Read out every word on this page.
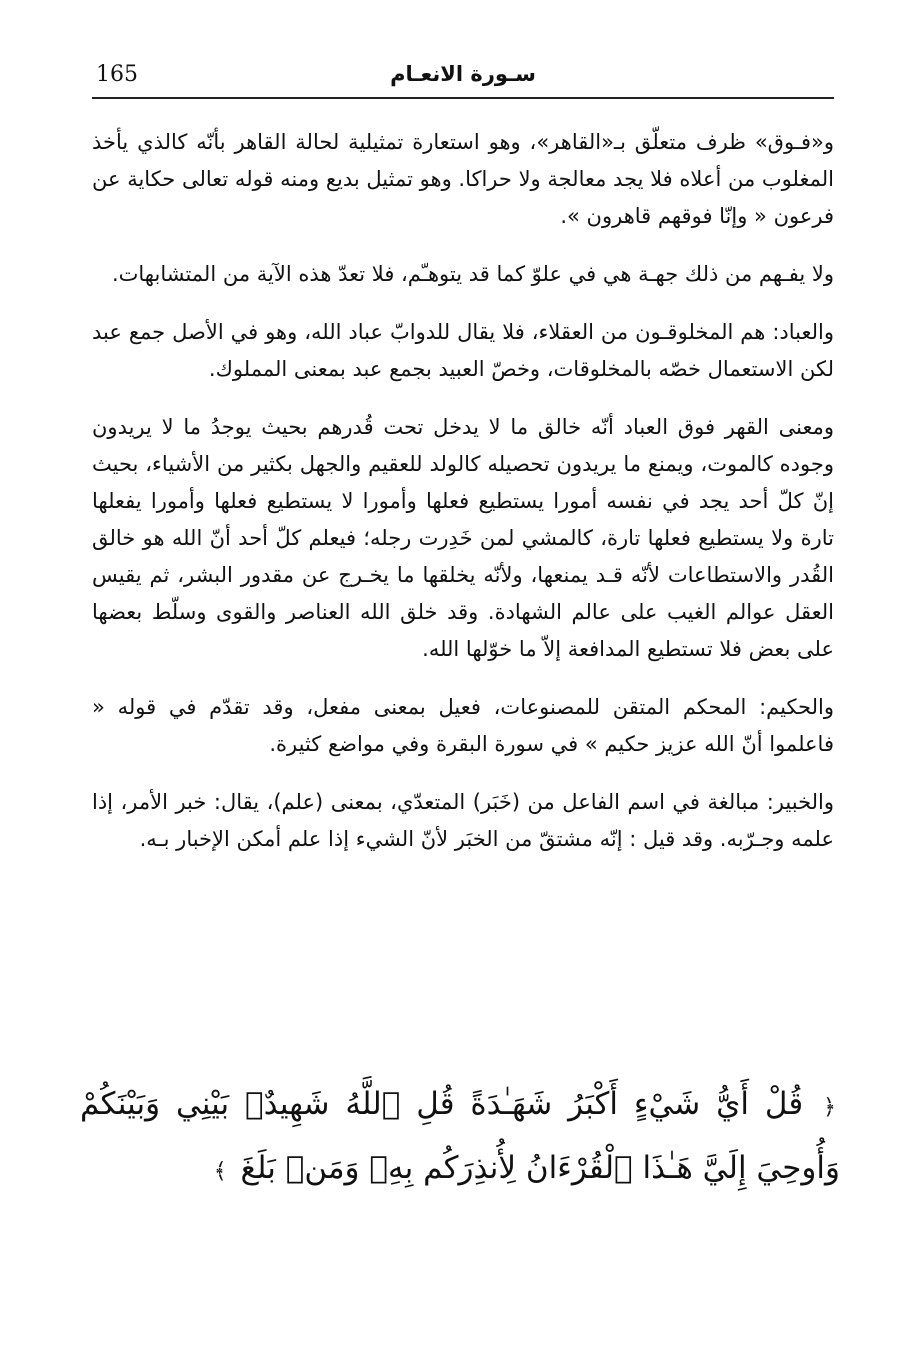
165	سـورة الانعـام

و«فـوق» ظرف متعلّق بـ«القاهر»، وهو استعارة تمثيلية لحالة القاهر بأنّه كالذي يأخذ المغلوب من أعلاه فلا يجد معالجة ولا حراكا. وهو تمثيل بديع ومنه قوله تعالى حكاية عن فرعون « وإنّا فوقهم قاهرون ».

ولا يفـهم من ذلك جهـة هي في علوّ كما قد يتوهـّم، فلا تعدّ هذه الآية من المتشابهات.

والعباد: هم المخلوقـون من العقلاء، فلا يقال للدوابّ عباد الله، وهو في الأصل جمع عبد لكن الاستعمال خصّه بالمخلوقات، وخصّ العبيد بجمع عبد بمعنى المملوك.

ومعنى القهر فوق العباد أنّه خالق ما لا يدخل تحت قُدرهم بحيث يوجدُ ما لا يريدون وجوده كالموت، ويمنع ما يريدون تحصيله كالولد للعقيم والجهل بكثير من الأشياء، بحيث إنّ كلّ أحد يجد في نفسه أمورا يستطيع فعلها وأمورا لا يستطيع فعلها وأمورا يفعلها تارة ولا يستطيع فعلها تارة، كالمشي لمن خَدِرت رجله؛ فيعلم كلّ أحد أنّ الله هو خالق القُدر والاستطاعات لأنّه قـد يمنعها، ولأنّه يخلقها ما يخـرج عن مقدور البشر، ثم يقيس العقل عوالم الغيب على عالم الشهادة. وقد خلق الله العناصر والقوى وسلّط بعضها على بعض فلا تستطيع المدافعة إلاّ ما خوّلها الله.

والحكيم: المحكم المتقن للمصنوعات، فعيل بمعنى مفعل، وقد تقدّم في قوله « فاعلموا أنّ الله عزيز حكيم » في سورة البقرة وفي مواضع كثيرة.

والخبير: مبالغة في اسم الفاعل من (خَبَر) المتعدّي، بمعنى (علم)، يقال: خبر الأمر، إذا علمه وجـرّبه. وقد قيل : إنّه مشتقّ من الخبَر لأنّ الشيء إذا علم أمكن الإخبار بـه.

﴿ قُلْ أَيُّ شَيْءٍ أَكْبَرُ شَهَـٰدَةً قُلِ ٱللَّهُ شَهِيدٌۢ بَيْنِي وَبَيْنَكُمْ وَأُوحِيَ إِلَيَّ هَـٰذَا ٱلْقُرْءَانُ لِأُنذِرَكُم بِهِۦ وَمَنۢ بَلَغَ ﴾
